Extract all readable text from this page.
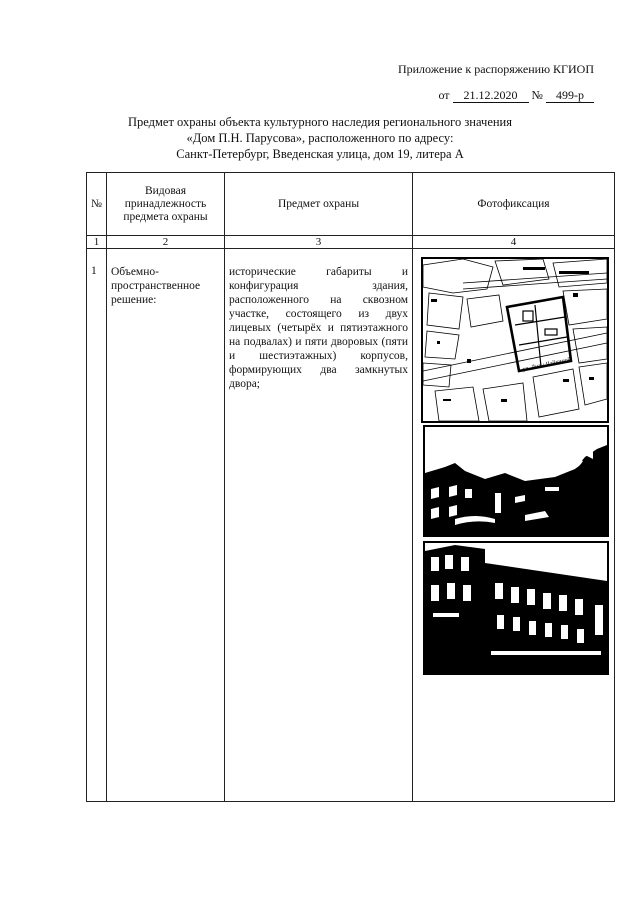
Приложение к распоряжению КГИОП
от 21.12.2020 № 499-р
Предмет охраны объекта культурного наследия регионального значения
«Дом П.Н. Парусова», расположенного по адресу:
Санкт-Петербург, Введенская улица, дом 19, литера А
№	Видовая принадлежность предмета охраны	Предмет охраны	Фотофиксация
1	2	3	4
1	Объемно-пространственное решение:	исторические габариты и конфигурация здания, расположенного на сквозном участке, состоящего из двух лицевых (четырёх и пятиэтажного на подвалах) и пяти дворовых (пяти и шестиэтажных) корпусов, формирующих два замкнутых двора;	ул. Лизы Чайкиной
